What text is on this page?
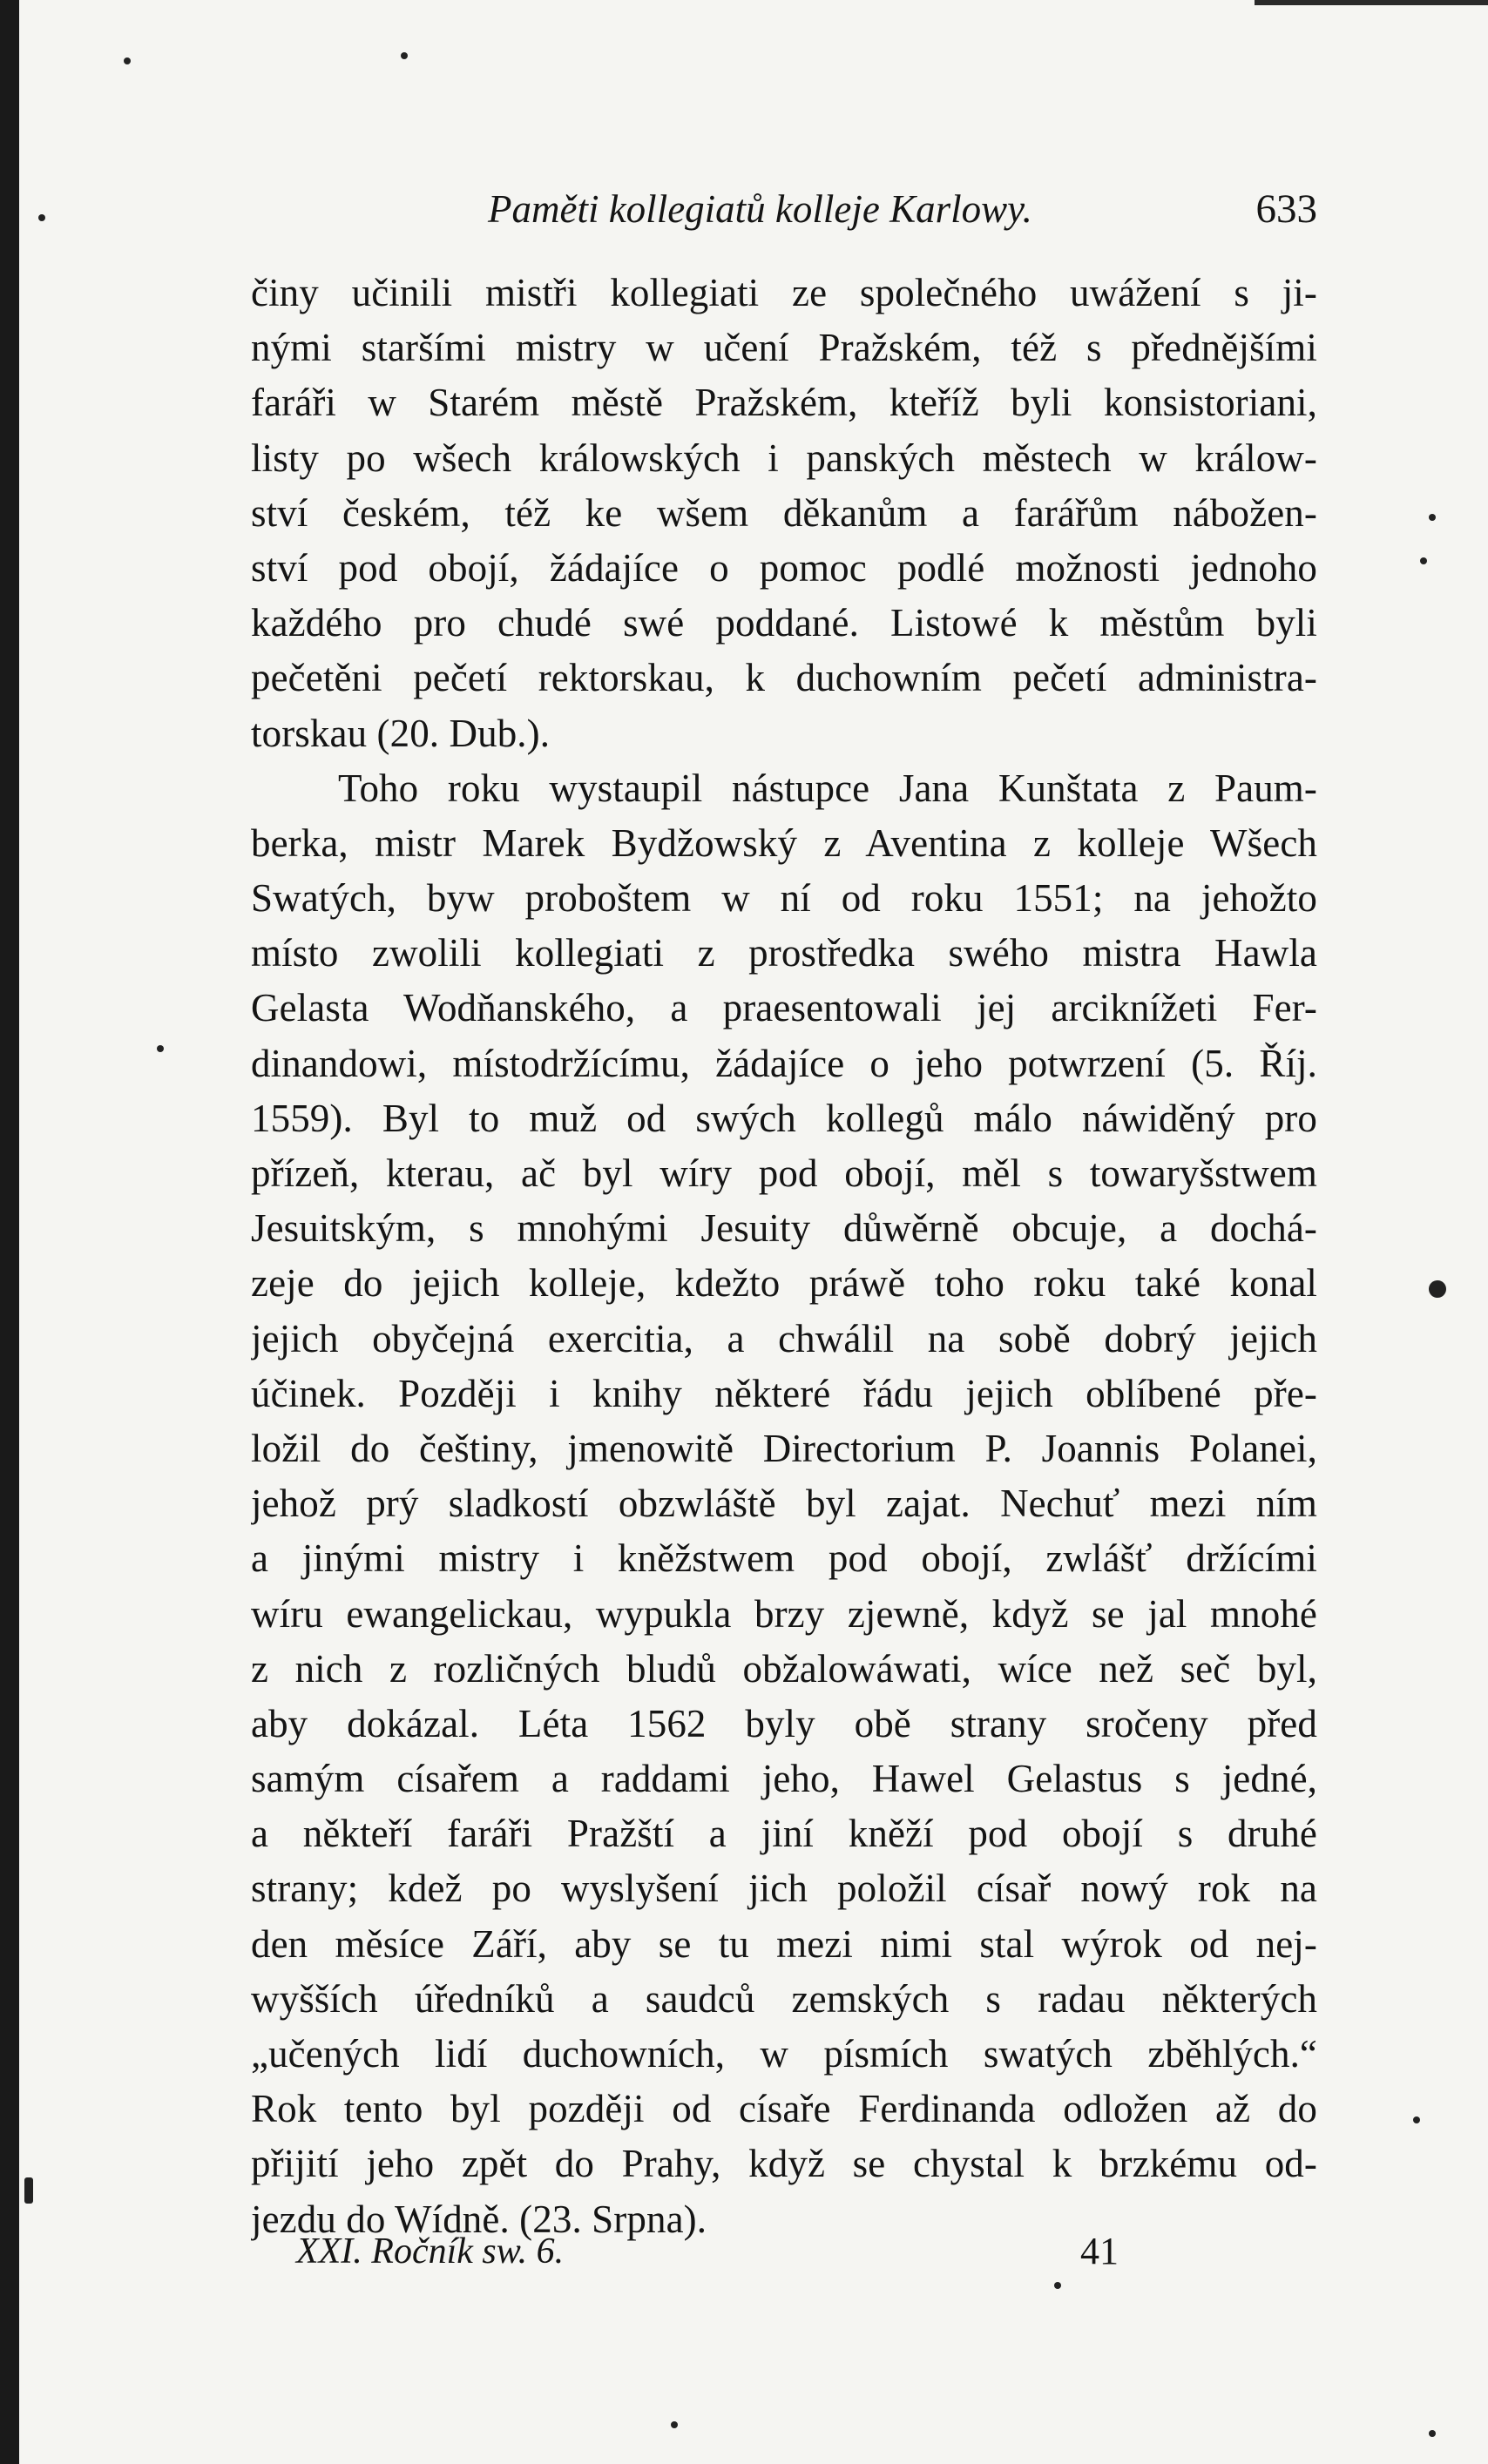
Paměti kollegiatů kolleje Karlowy.	633
činy učinili mistři kollegiati ze společného uwážení s ji-
nými staršími mistry w učení Pražském, též s přednějšími
faráři w Starém městě Pražském, kteříž byli konsistoriani,
listy po wšech králowských i panských městech w králow-
ství českém, též ke wšem děkanům a farářům nábožen-
ství pod obojí, žádajíce o pomoc podlé možnosti jednoho
každého pro chudé swé poddané. Listowé k městům byli
pečetěni pečetí rektorskau, k duchowním pečetí administra-
torskau (20. Dub.).
Toho roku wystaupil nástupce Jana Kunštata z Paum-
berka, mistr Marek Bydžowský z Aventina z kolleje Wšech
Swatých, byw proboštem w ní od roku 1551; na jehožto
místo zwolili kollegiati z prostředka swého mistra Hawla
Gelasta Wodňanského, a praesentowali jej arciknížeti Fer-
dinandowi, místodržícímu, žádajíce o jeho potwrzení (5. Říj.
1559). Byl to muž od swých kollegů málo náwiděný pro
přízeň, kterau, ač byl wíry pod obojí, měl s towaryšstwem
Jesuitským, s mnohými Jesuity důwěrně obcuje, a dochá-
zeje do jejich kolleje, kdežto práwě toho roku také konal
jejich obyčejná exercitia, a chwálil na sobě dobrý jejich
účinek. Později i knihy některé řádu jejich oblíbené pře-
ložil do češtiny, jmenowitě Directorium P. Joannis Polanei,
jehož prý sladkostí obzwláště byl zajat. Nechuť mezi ním
a jinými mistry i kněžstwem pod obojí, zwlášť držícími
wíru ewangelickau, wypukla brzy zjewně, když se jal mnohé
z nich z rozličných bludů obžalowáwati, wíce než seč byl,
aby dokázal. Léta 1562 byly obě strany sročeny před
samým císařem a raddami jeho, Hawel Gelastus s jedné,
a někteří faráři Pražští a jiní kněží pod obojí s druhé
strany; kdež po wyslyšení jich položil císař nowý rok na
den měsíce Září, aby se tu mezi nimi stal wýrok od nej-
wyšších úředníků a saudců zemských s radau některých
„učených lidí duchowních, w písmích swatých zběhlých.“
Rok tento byl později od císaře Ferdinanda odložen až do
přijití jeho zpět do Prahy, když se chystal k brzkému od-
jezdu do Wídně. (23. Srpna).
XXI. Ročník sw. 6.	41
